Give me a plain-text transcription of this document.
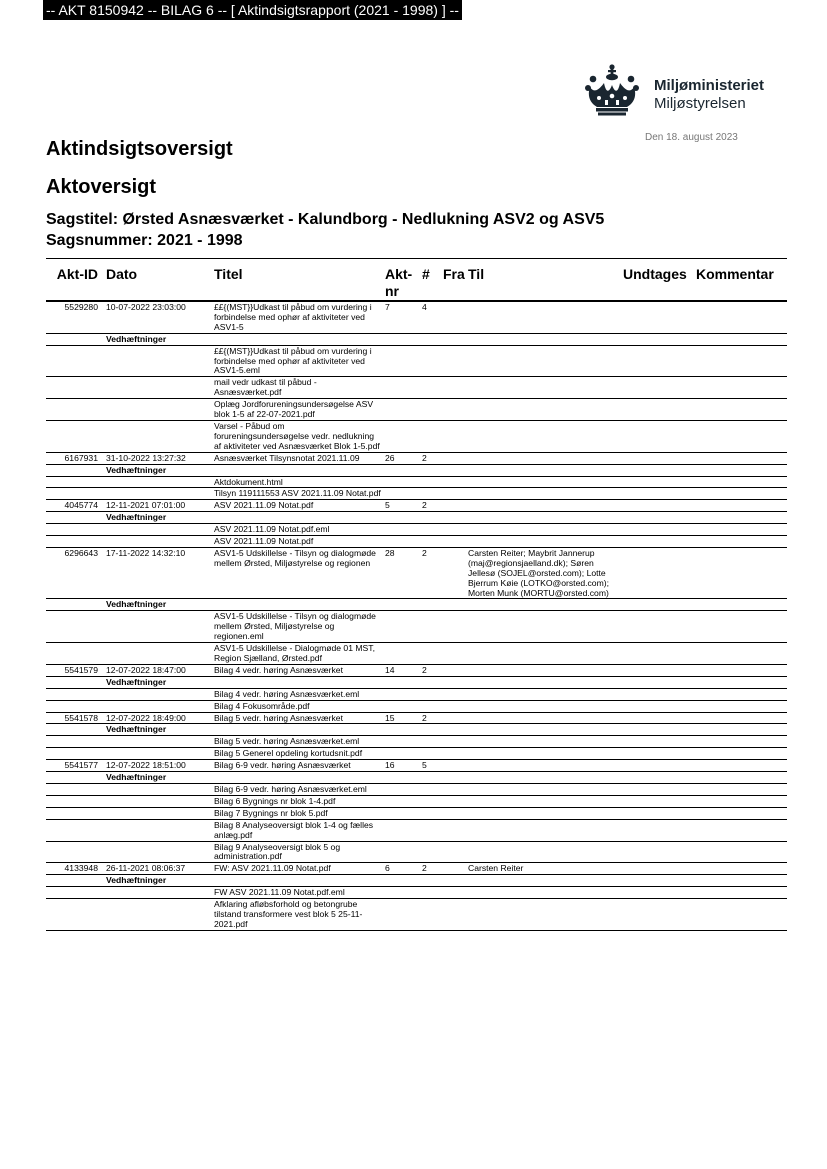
-- AKT 8150942 -- BILAG 6 -- [ Aktindsigtsrapport (2021 - 1998) ] --
Miljøministeriet
Miljøstyrelsen
Den 18. august 2023
Aktindsigtsoversigt
Aktoversigt
Sagstitel: Ørsted Asnæsværket - Kalundborg - Nedlukning ASV2 og ASV5
Sagsnummer: 2021 - 1998
Akt-ID	Dato	Titel	Akt-nr	#	Fra	Til	Undtages	Kommentar
5529280	10-07-2022 23:03:00	££{(MST}}Udkast til påbud om vurdering i forbindelse med ophør af aktiviteter ved ASV1-5	7	4				
	Vedhæftninger							
		££{(MST}}Udkast til påbud om vurdering i forbindelse med ophør af aktiviteter ved ASV1-5.eml						
		mail vedr udkast til påbud - Asnæsværket.pdf						
		Oplæg Jordforureningsundersøgelse ASV blok 1-5 af 22-07-2021.pdf						
		Varsel - Påbud om forureningsundersøgelse vedr. nedlukning af aktiviteter ved Asnæsværket Blok 1-5.pdf						
6167931	31-10-2022 13:27:32	Asnæsværket Tilsynsnotat 2021.11.09	26	2				
	Vedhæftninger							
		Aktdokument.html						
		Tilsyn 119111553 ASV 2021.11.09 Notat.pdf						
4045774	12-11-2021 07:01:00	ASV 2021.11.09 Notat.pdf	5	2				
	Vedhæftninger							
		ASV 2021.11.09 Notat.pdf.eml						
		ASV 2021.11.09 Notat.pdf						
6296643	17-11-2022 14:32:10	ASV1-5 Udskillelse - Tilsyn og dialogmøde mellem Ørsted, Miljøstyrelse og regionen	28	2		Carsten Reiter; Maybrit Jannerup (maj@regionsjaelland.dk); Søren Jellesø (SOJEL@orsted.com); Lotte Bjerrum Køie (LOTKO@orsted.com); Morten Munk (MORTU@orsted.com)		
	Vedhæftninger							
		ASV1-5 Udskillelse - Tilsyn og dialogmøde mellem Ørsted, Miljøstyrelse og regionen.eml						
		ASV1-5 Udskillelse - Dialogmøde 01 MST, Region Sjælland, Ørsted.pdf						
5541579	12-07-2022 18:47:00	Bilag 4 vedr. høring Asnæsværket	14	2				
	Vedhæftninger							
		Bilag 4 vedr. høring Asnæsværket.eml						
		Bilag 4 Fokusområde.pdf						
5541578	12-07-2022 18:49:00	Bilag 5 vedr. høring Asnæsværket	15	2				
	Vedhæftninger							
		Bilag 5 vedr. høring Asnæsværket.eml						
		Bilag 5 Generel opdeling kortudsnit.pdf						
5541577	12-07-2022 18:51:00	Bilag 6-9 vedr. høring Asnæsværket	16	5				
	Vedhæftninger							
		Bilag 6-9 vedr. høring Asnæsværket.eml						
		Bilag 6 Bygnings nr blok 1-4.pdf						
		Bilag 7 Bygnings nr blok 5.pdf						
		Bilag 8 Analyseoversigt blok 1-4 og fælles anlæg.pdf						
		Bilag 9 Analyseoversigt blok 5 og administration.pdf						
4133948	26-11-2021 08:06:37	FW: ASV 2021.11.09 Notat.pdf	6	2		Carsten Reiter		
	Vedhæftninger							
		FW ASV 2021.11.09 Notat.pdf.eml						
		Afklaring afløbsforhold og betongrube tilstand transformere vest blok 5 25-11-2021.pdf						
